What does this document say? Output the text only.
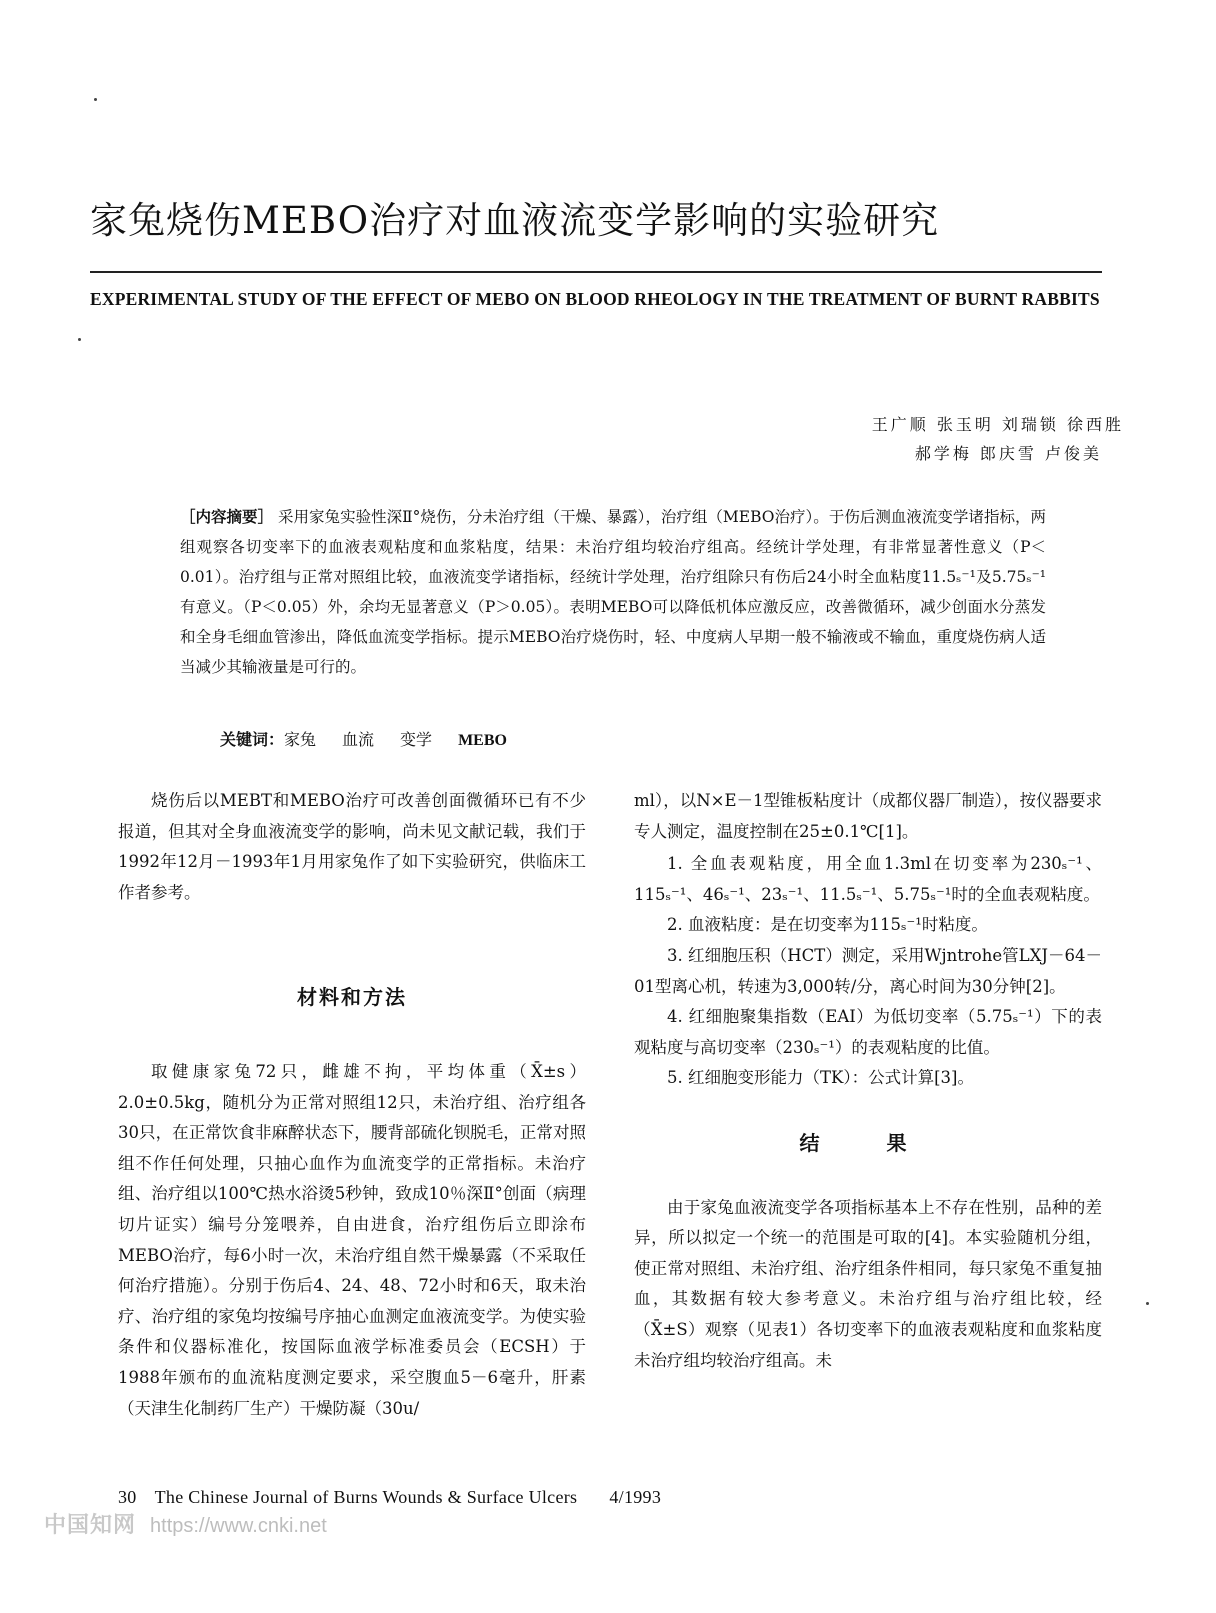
家兔烧伤MEBO治疗对血液流变学影响的实验研究
EXPERIMENTAL STUDY OF THE EFFECT OF MEBO ON BLOOD RHEOLOGY IN THE TREATMENT OF BURNT RABBITS
王广顺 张玉明 刘瑞锁 徐西胜
郝学梅 郎庆雪 卢俊美
［内容摘要］ 采用家兔实验性深Ⅱ°烧伤，分未治疗组（干燥、暴露），治疗组（MEBO治疗）。于伤后测血液流变学诸指标，两组观察各切变率下的血液表观粘度和血浆粘度，结果：未治疗组均较治疗组高。经统计学处理，有非常显著性意义（P＜0.01）。治疗组与正常对照组比较，血液流变学诸指标，经统计学处理，治疗组除只有伤后24小时全血粘度11.5ₛ⁻¹及5.75ₛ⁻¹有意义。（P＜0.05）外，余均无显著意义（P＞0.05）。表明MEBO可以降低机体应激反应，改善微循环，减少创面水分蒸发和全身毛细血管渗出，降低血流变学指标。提示MEBO治疗烧伤时，轻、中度病人早期一般不输液或不输血，重度烧伤病人适当减少其输液量是可行的。
关键词：家兔 血流 变学 MEBO

烧伤后以MEBT和MEBO治疗可改善创面微循环已有不少报道，但其对全身血液流变学的影响，尚未见文献记载，我们于1992年12月－1993年1月用家兔作了如下实验研究，供临床工作者参考。

材料和方法

取健康家兔72只，雌雄不拘，平均体重（X̄±s）2.0±0.5kg，随机分为正常对照组12只，未治疗组、治疗组各30只，在正常饮食非麻醉状态下，腰背部硫化钡脱毛，正常对照组不作任何处理，只抽心血作为血流变学的正常指标。未治疗组、治疗组以100℃热水浴烫5秒钟，致成10％深Ⅱ°创面（病理切片证实）编号分笼喂养，自由进食，治疗组伤后立即涂布MEBO治疗，每6小时一次，未治疗组自然干燥暴露（不采取任何治疗措施）。分别于伤后4、24、48、72小时和6天，取未治疗、治疗组的家兔均按编号序抽心血测定血液流变学。为使实验条件和仪器标准化，按国际血液学标准委员会（ECSH）于1988年颁布的血流粘度测定要求，采空腹血5－6毫升，肝素（天津生化制药厂生产）干燥防凝（30u/

ml），以N×E－1型锥板粘度计（成都仪器厂制造），按仪器要求专人测定，温度控制在25±0.1℃[1]。

1. 全血表观粘度，用全血1.3ml在切变率为230ₛ⁻¹、115ₛ⁻¹、46ₛ⁻¹、23ₛ⁻¹、11.5ₛ⁻¹、5.75ₛ⁻¹时的全血表观粘度。

2. 血液粘度：是在切变率为115ₛ⁻¹时粘度。

3. 红细胞压积（HCT）测定，采用Wjntrohe管LXJ－64－01型离心机，转速为3,000转/分，离心时间为30分钟[2]。

4. 红细胞聚集指数（EAI）为低切变率（5.75ₛ⁻¹）下的表观粘度与高切变率（230ₛ⁻¹）的表观粘度的比值。

5. 红细胞变形能力（TK）：公式计算[3]。

结 果

由于家兔血液流变学各项指标基本上不存在性别，品种的差异，所以拟定一个统一的范围是可取的[4]。本实验随机分组，使正常对照组、未治疗组、治疗组条件相同，每只家兔不重复抽血，其数据有较大参考意义。未治疗组与治疗组比较，经（X̄±S）观察（见表1）各切变率下的血液表观粘度和血浆粘度未治疗组均较治疗组高。未

30 The Chinese Journal of Burns Wounds & Surface Ulcers 4/1993
中国知网 https://www.cnki.net
